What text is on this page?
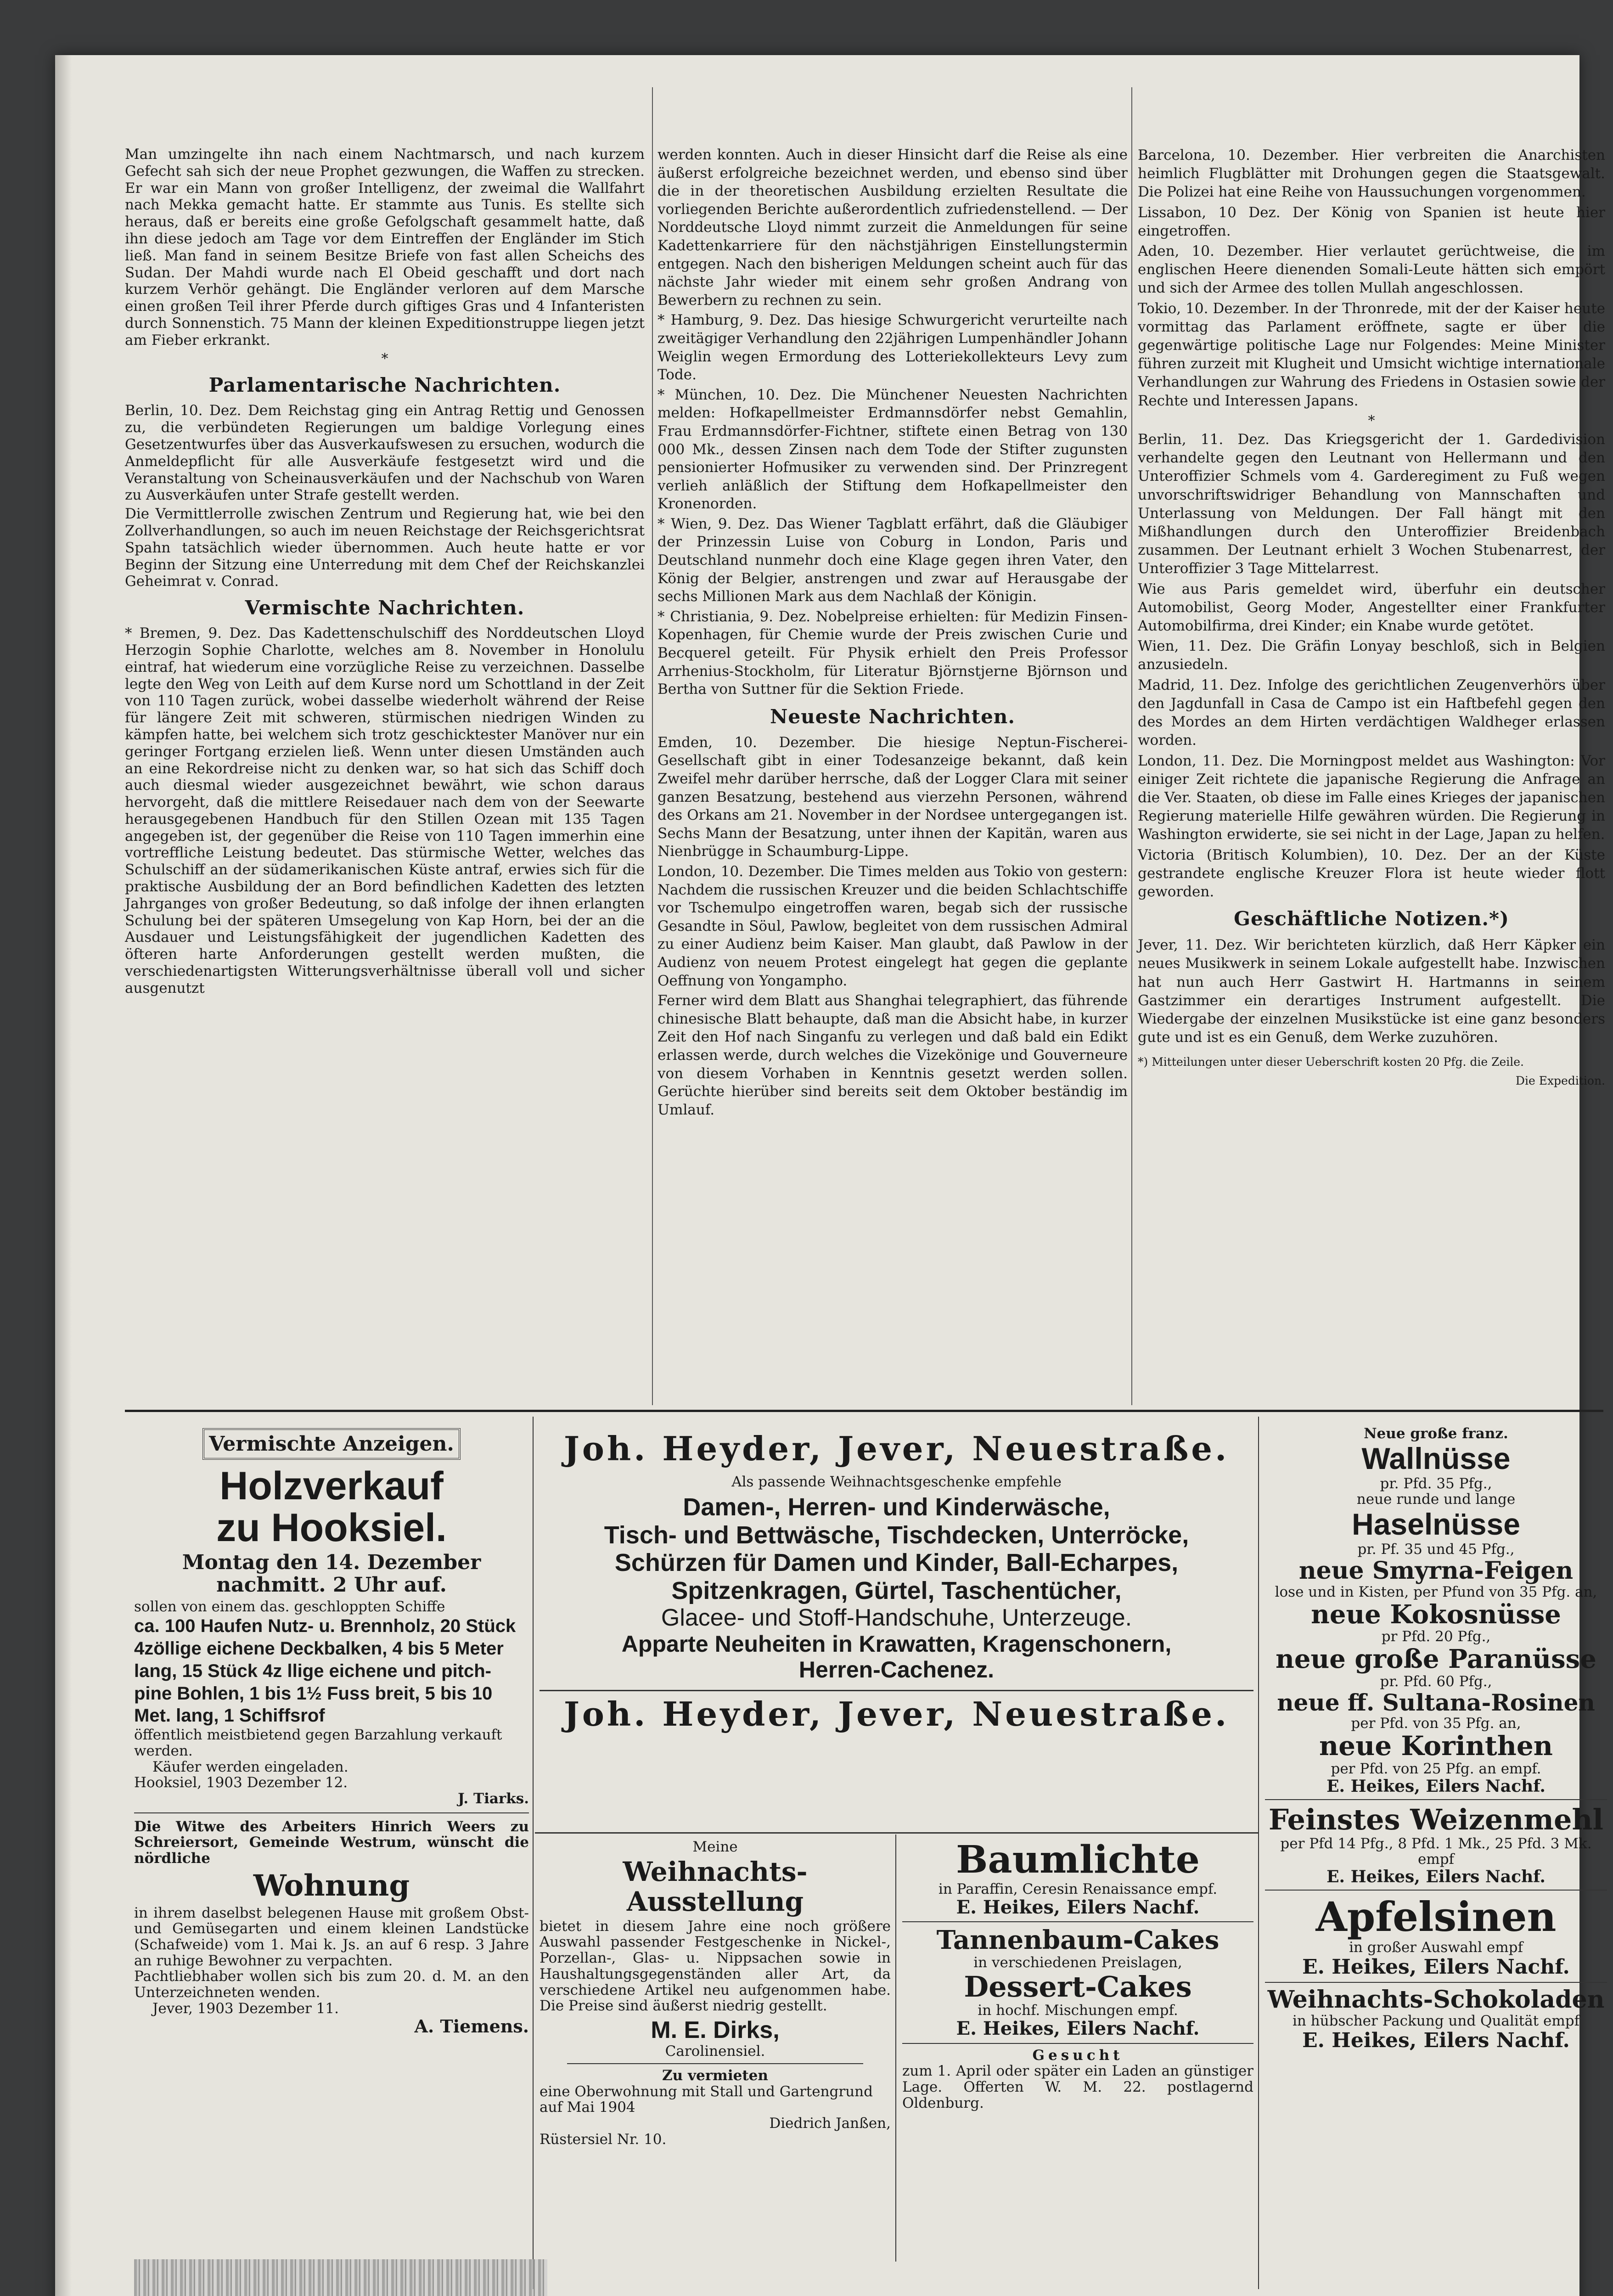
Man umzingelte ihn nach einem Nachtmarsch, und nach kurzem Gefecht sah sich der neue Prophet gezwungen, die Waffen zu strecken. Er war ein Mann von großer Intelligenz, der zweimal die Wallfahrt nach Mekka gemacht hatte. Er stammte aus Tunis. Es stellte sich heraus, daß er bereits eine große Gefolgschaft gesammelt hatte, daß ihn diese jedoch am Tage vor dem Eintreffen der Engländer im Stich ließ. Man fand in seinem Besitze Briefe von fast allen Scheichs des Sudan. Der Mahdi wurde nach El Obeid geschafft und dort nach kurzem Verhör gehängt. Die Engländer verloren auf dem Marsche einen großen Teil ihrer Pferde durch giftiges Gras und 4 Infanteristen durch Sonnenstich. 75 Mann der kleinen Expeditionstruppe liegen jetzt am Fieber erkrankt.

*

Parlamentarische Nachrichten.

Berlin, 10. Dez. Dem Reichstag ging ein Antrag Rettig und Genossen zu, die verbündeten Regierungen um baldige Vorlegung eines Gesetzentwurfes über das Ausverkaufswesen zu ersuchen, wodurch die Anmeldepflicht für alle Ausverkäufe festgesetzt wird und die Veranstaltung von Scheinausverkäufen und der Nachschub von Waren zu Ausverkäufen unter Strafe gestellt werden.

Die Vermittlerrolle zwischen Zentrum und Regierung hat, wie bei den Zollverhandlungen, so auch im neuen Reichstage der Reichsgerichtsrat Spahn tatsächlich wieder übernommen. Auch heute hatte er vor Beginn der Sitzung eine Unterredung mit dem Chef der Reichskanzlei Geheimrat v. Conrad.

Vermischte Nachrichten.

* Bremen, 9. Dez. Das Kadettenschulschiff des Norddeutschen Lloyd Herzogin Sophie Charlotte, welches am 8. November in Honolulu eintraf, hat wiederum eine vorzügliche Reise zu verzeichnen. Dasselbe legte den Weg von Leith auf dem Kurse nord um Schottland in der Zeit von 110 Tagen zurück, wobei dasselbe wiederholt während der Reise für längere Zeit mit schweren, stürmischen niedrigen Winden zu kämpfen hatte, bei welchem sich trotz geschicktester Manöver nur ein geringer Fortgang erzielen ließ. Wenn unter diesen Umständen auch an eine Rekordreise nicht zu denken war, so hat sich das Schiff doch auch diesmal wieder ausgezeichnet bewährt, wie schon daraus hervorgeht, daß die mittlere Reisedauer nach dem von der Seewarte herausgegebenen Handbuch für den Stillen Ozean mit 135 Tagen angegeben ist, der gegenüber die Reise von 110 Tagen immerhin eine vortreffliche Leistung bedeutet. Das stürmische Wetter, welches das Schulschiff an der südamerikanischen Küste antraf, erwies sich für die praktische Ausbildung der an Bord befindlichen Kadetten des letzten Jahrganges von großer Bedeutung, so daß infolge der ihnen erlangten Schulung bei der späteren Umsegelung von Kap Horn, bei der an die Ausdauer und Leistungsfähigkeit der jugendlichen Kadetten des öfteren harte Anforderungen gestellt werden mußten, die verschiedenartigsten Witterungsverhältnisse überall voll und sicher ausgenutzt

werden konnten. Auch in dieser Hinsicht darf die Reise als eine äußerst erfolgreiche bezeichnet werden, und ebenso sind über die in der theoretischen Ausbildung erzielten Resultate die vorliegenden Berichte außerordentlich zufriedenstellend. — Der Norddeutsche Lloyd nimmt zurzeit die Anmeldungen für seine Kadettenkarriere für den nächstjährigen Einstellungstermin entgegen. Nach den bisherigen Meldungen scheint auch für das nächste Jahr wieder mit einem sehr großen Andrang von Bewerbern zu rechnen zu sein.

* Hamburg, 9. Dez. Das hiesige Schwurgericht verurteilte nach zweitägiger Verhandlung den 22jährigen Lumpenhändler Johann Weiglin wegen Ermordung des Lotteriekollekteurs Levy zum Tode.

* München, 10. Dez. Die Münchener Neuesten Nachrichten melden: Hofkapellmeister Erdmannsdörfer nebst Gemahlin, Frau Erdmannsdörfer-Fichtner, stiftete einen Betrag von 130 000 Mk., dessen Zinsen nach dem Tode der Stifter zugunsten pensionierter Hofmusiker zu verwenden sind. Der Prinzregent verlieh anläßlich der Stiftung dem Hofkapellmeister den Kronenorden.

* Wien, 9. Dez. Das Wiener Tagblatt erfährt, daß die Gläubiger der Prinzessin Luise von Coburg in London, Paris und Deutschland nunmehr doch eine Klage gegen ihren Vater, den König der Belgier, anstrengen und zwar auf Herausgabe der sechs Millionen Mark aus dem Nachlaß der Königin.

* Christiania, 9. Dez. Nobelpreise erhielten: für Medizin Finsen-Kopenhagen, für Chemie wurde der Preis zwischen Curie und Becquerel geteilt. Für Physik erhielt den Preis Professor Arrhenius-Stockholm, für Literatur Björnstjerne Björnson und Bertha von Suttner für die Sektion Friede.

Neueste Nachrichten.

Emden, 10. Dezember. Die hiesige Neptun-Fischerei-Gesellschaft gibt in einer Todesanzeige bekannt, daß kein Zweifel mehr darüber herrsche, daß der Logger Clara mit seiner ganzen Besatzung, bestehend aus vierzehn Personen, während des Orkans am 21. November in der Nordsee untergegangen ist. Sechs Mann der Besatzung, unter ihnen der Kapitän, waren aus Nienbrügge in Schaumburg-Lippe.

London, 10. Dezember. Die Times melden aus Tokio von gestern: Nachdem die russischen Kreuzer und die beiden Schlachtschiffe vor Tschemulpo eingetroffen waren, begab sich der russische Gesandte in Söul, Pawlow, begleitet von dem russischen Admiral zu einer Audienz beim Kaiser. Man glaubt, daß Pawlow in der Audienz von neuem Protest eingelegt hat gegen die geplante Oeffnung von Yongampho.

Ferner wird dem Blatt aus Shanghai telegraphiert, das führende chinesische Blatt behaupte, daß man die Absicht habe, in kurzer Zeit den Hof nach Singanfu zu verlegen und daß bald ein Edikt erlassen werde, durch welches die Vizekönige und Gouverneure von diesem Vorhaben in Kenntnis gesetzt werden sollen. Gerüchte hierüber sind bereits seit dem Oktober beständig im Umlauf.

Barcelona, 10. Dezember. Hier verbreiten die Anarchisten heimlich Flugblätter mit Drohungen gegen die Staatsgewalt. Die Polizei hat eine Reihe von Haussuchungen vorgenommen.

Lissabon, 10 Dez. Der König von Spanien ist heute hier eingetroffen.

Aden, 10. Dezember. Hier verlautet gerüchtweise, die im englischen Heere dienenden Somali-Leute hätten sich empört und sich der Armee des tollen Mullah angeschlossen.

Tokio, 10. Dezember. In der Thronrede, mit der der Kaiser heute vormittag das Parlament eröffnete, sagte er über die gegenwärtige politische Lage nur Folgendes: Meine Minister führen zurzeit mit Klugheit und Umsicht wichtige internationale Verhandlungen zur Wahrung des Friedens in Ostasien sowie der Rechte und Interessen Japans.

*

Berlin, 11. Dez. Das Kriegsgericht der 1. Gardedivision verhandelte gegen den Leutnant von Hellermann und den Unteroffizier Schmels vom 4. Garderegiment zu Fuß wegen unvorschriftswidriger Behandlung von Mannschaften und Unterlassung von Meldungen. Der Fall hängt mit den Mißhandlungen durch den Unteroffizier Breidenbach zusammen. Der Leutnant erhielt 3 Wochen Stubenarrest, der Unteroffizier 3 Tage Mittelarrest.

Wie aus Paris gemeldet wird, überfuhr ein deutscher Automobilist, Georg Moder, Angestellter einer Frankfurter Automobilfirma, drei Kinder; ein Knabe wurde getötet.

Wien, 11. Dez. Die Gräfin Lonyay beschloß, sich in Belgien anzusiedeln.

Madrid, 11. Dez. Infolge des gerichtlichen Zeugenverhörs über den Jagdunfall in Casa de Campo ist ein Haftbefehl gegen den des Mordes an dem Hirten verdächtigen Waldheger erlassen worden.

London, 11. Dez. Die Morningpost meldet aus Washington: Vor einiger Zeit richtete die japanische Regierung die Anfrage an die Ver. Staaten, ob diese im Falle eines Krieges der japanischen Regierung materielle Hilfe gewähren würden. Die Regierung in Washington erwiderte, sie sei nicht in der Lage, Japan zu helfen.

Victoria (Britisch Kolumbien), 10. Dez. Der an der Küste gestrandete englische Kreuzer Flora ist heute wieder flott geworden.

Geschäftliche Notizen.*)

Jever, 11. Dez. Wir berichteten kürzlich, daß Herr Käpker ein neues Musikwerk in seinem Lokale aufgestellt habe. Inzwischen hat nun auch Herr Gastwirt H. Hartmanns in seinem Gastzimmer ein derartiges Instrument aufgestellt. Die Wiedergabe der einzelnen Musikstücke ist eine ganz besonders gute und ist es ein Genuß, dem Werke zuzuhören.

*) Mitteilungen unter dieser Ueberschrift kosten 20 Pfg. die Zeile.

Die Expedition.

Vermischte Anzeigen.
Holzverkauf
zu Hooksiel.
Montag den 14. Dezember nachmitt. 2 Uhr auf.
sollen von einem das. geschloppten Schiffe
ca. 100 Haufen Nutz- u. Brennholz, 20 Stück 4zöllige eichene Deckbalken, 4 bis 5 Meter lang, 15 Stück 4z llige eichene und pitch-pine Bohlen, 1 bis 1½ Fuss breit, 5 bis 10 Met. lang, 1 Schiffsrof
öffentlich meistbietend gegen Barzahlung verkauft werden.
Käufer werden eingeladen.
Hooksiel, 1903 Dezember 12.
J. Tiarks.
Die Witwe des Arbeiters Hinrich Weers zu Schreiersort, Gemeinde Westrum, wünscht die nördliche
Wohnung
in ihrem daselbst belegenen Hause mit großem Obst- und Gemüsegarten und einem kleinen Landstücke (Schafweide) vom 1. Mai k. Js. an auf 6 resp. 3 Jahre an ruhige Bewohner zu verpachten.
Pachtliebhaber wollen sich bis zum 20. d. M. an den Unterzeichneten wenden.
Jever, 1903 Dezember 11.
A. Tiemens.
Joh. Heyder, Jever, Neuestraße.
Als passende Weihnachtsgeschenke empfehle
Damen-, Herren- und Kinderwäsche,
Tisch- und Bettwäsche, Tischdecken, Unterröcke,
Schürzen für Damen und Kinder, Ball-Echarpes,
Spitzenkragen, Gürtel, Taschentücher,
Glacee- und Stoff-Handschuhe, Unterzeuge.
Apparte Neuheiten in Krawatten, Kragenschonern,
Herren-Cachenez.
Joh. Heyder, Jever, Neuestraße.
Meine
Weihnachts-Ausstellung
bietet in diesem Jahre eine noch größere Auswahl passender Festgeschenke in Nickel-, Porzellan-, Glas- u. Nippsachen sowie in Haushaltungsgegenständen aller Art, da verschiedene Artikel neu aufgenommen habe. Die Preise sind äußerst niedrig gestellt.
M. E. Dirks,
Carolinensiel.
Zu vermieten
eine Oberwohnung mit Stall und Gartengrund auf Mai 1904
Diedrich Janßen,
Rüstersiel Nr. 10.
Baumlichte
in Paraffin, Ceresin Renaissance empf.
E. Heikes, Eilers Nachf.
Tannenbaum-Cakes
in verschiedenen Preislagen,
Dessert-Cakes
in hochf. Mischungen empf.
E. Heikes, Eilers Nachf.
Gesucht
zum 1. April oder später ein Laden an günstiger Lage. Offerten W. M. 22. postlagernd Oldenburg.
Neue große franz.
Wallnüsse
pr. Pfd. 35 Pfg.,
neue runde und lange
Haselnüsse
pr. Pf. 35 und 45 Pfg.,
neue Smyrna-Feigen
lose und in Kisten, per Pfund von 35 Pfg. an,
neue Kokosnüsse
pr Pfd. 20 Pfg.,
neue große Paranüsse
pr. Pfd. 60 Pfg.,
neue ff. Sultana-Rosinen
per Pfd. von 35 Pfg. an,
neue Korinthen
per Pfd. von 25 Pfg. an empf.
E. Heikes, Eilers Nachf.
Feinstes Weizenmehl
per Pfd 14 Pfg., 8 Pfd. 1 Mk., 25 Pfd. 3 Mk. empf
E. Heikes, Eilers Nachf.
Apfelsinen
in großer Auswahl empf
E. Heikes, Eilers Nachf.
Weihnachts-Schokoladen
in hübscher Packung und Qualität empf
E. Heikes, Eilers Nachf.
